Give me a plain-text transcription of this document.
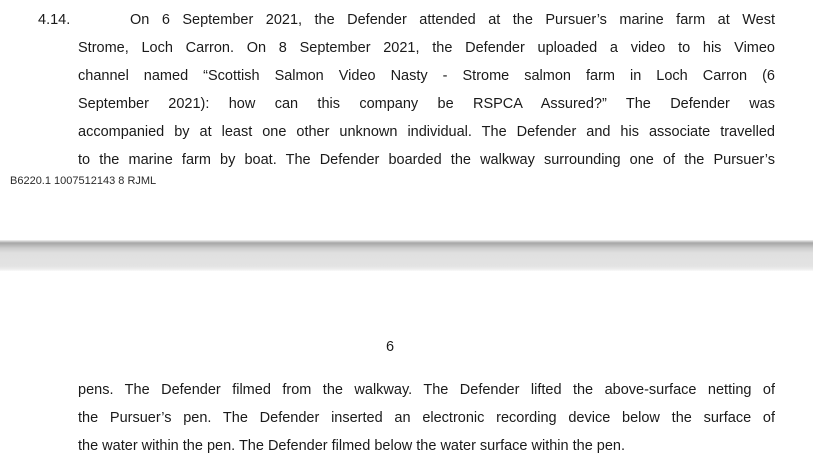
4.14.	On 6 September 2021, the Defender attended at the Pursuer’s marine farm at West
Strome, Loch Carron. On 8 September 2021, the Defender uploaded a video to his Vimeo
channel named “Scottish Salmon Video Nasty - Strome salmon farm in Loch Carron (6
September 2021): how can this company be RSPCA Assured?” The Defender was
accompanied by at least one other unknown individual. The Defender and his associate travelled
to the marine farm by boat. The Defender boarded the walkway surrounding one of the Pursuer’s
B6220.1 1007512143 8 RJML
6
pens. The Defender filmed from the walkway. The Defender lifted the above-surface netting of
the Pursuer’s pen. The Defender inserted an electronic recording device below the surface of
the water within the pen. The Defender filmed below the water surface within the pen.
